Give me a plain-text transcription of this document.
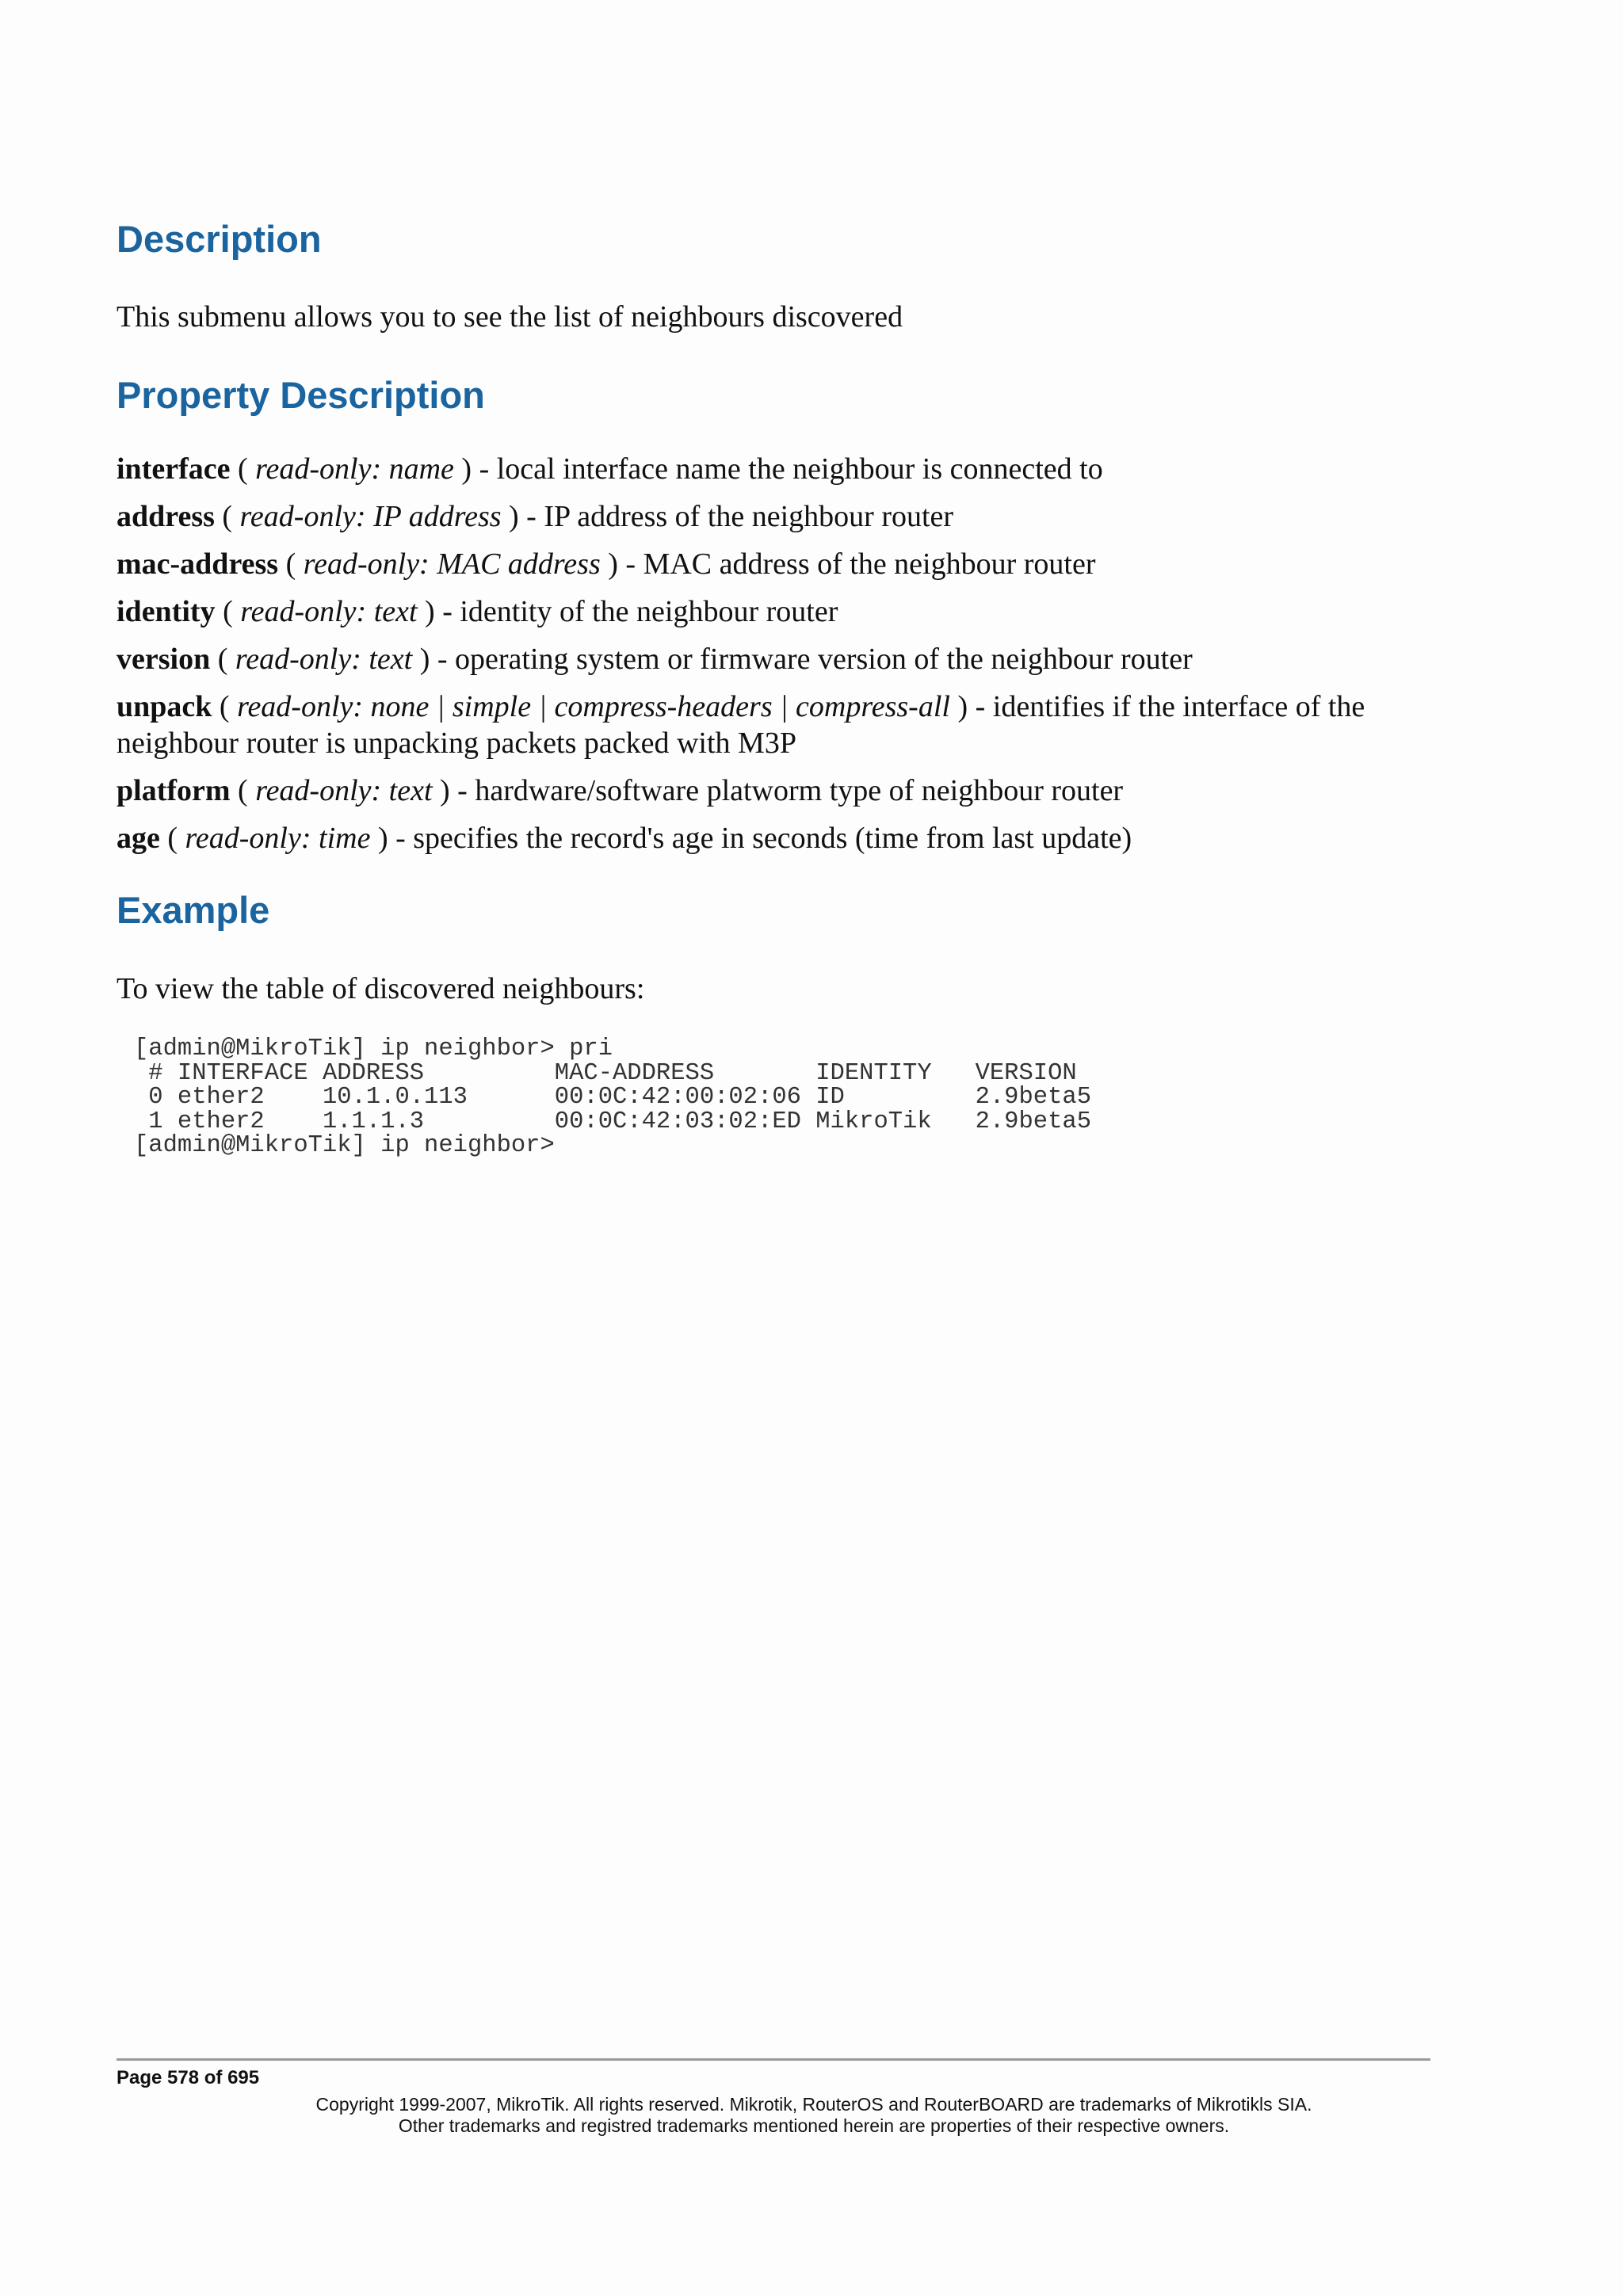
Description

This submenu allows you to see the list of neighbours discovered

Property Description
interface ( read-only: name ) - local interface name the neighbour is connected to
address ( read-only: IP address ) - IP address of the neighbour router
mac-address ( read-only: MAC address ) - MAC address of the neighbour router
identity ( read-only: text ) - identity of the neighbour router
version ( read-only: text ) - operating system or firmware version of the neighbour router
unpack ( read-only: none | simple | compress-headers | compress-all ) - identifies if the interface of the neighbour router is unpacking packets packed with M3P
platform ( read-only: text ) - hardware/software platworm type of neighbour router
age ( read-only: time ) - specifies the record's age in seconds (time from last update)
Example

To view the table of discovered neighbours:

[admin@MikroTik] ip neighbor> pri
# INTERFACE ADDRESS         MAC-ADDRESS       IDENTITY   VERSION
0 ether2    10.1.0.113      00:0C:42:00:02:06 ID         2.9beta5
1 ether2    1.1.1.3         00:0C:42:03:02:ED MikroTik   2.9beta5
[admin@MikroTik] ip neighbor>
Page 578 of 695
Copyright 1999-2007, MikroTik. All rights reserved. Mikrotik, RouterOS and RouterBOARD are trademarks of Mikrotikls SIA.
Other trademarks and registred trademarks mentioned herein are properties of their respective owners.
